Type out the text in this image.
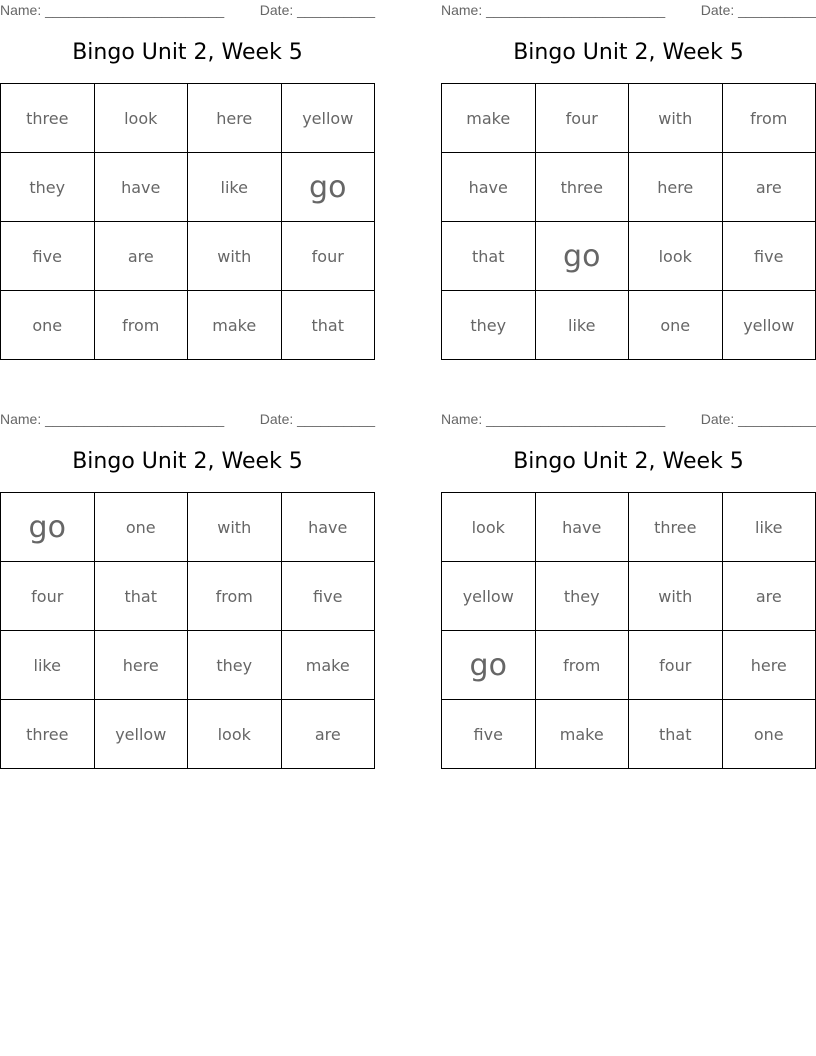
Name: _______________________	Date: __________
Bingo Unit 2, Week 5
three	look	here	yellow
they	have	like	go
five	are	with	four
one	from	make	that
Name: _______________________	Date: __________
Bingo Unit 2, Week 5
make	four	with	from
have	three	here	are
that	go	look	five
they	like	one	yellow
Name: _______________________	Date: __________
Bingo Unit 2, Week 5
go	one	with	have
four	that	from	five
like	here	they	make
three	yellow	look	are
Name: _______________________	Date: __________
Bingo Unit 2, Week 5
look	have	three	like
yellow	they	with	are
go	from	four	here
five	make	that	one
